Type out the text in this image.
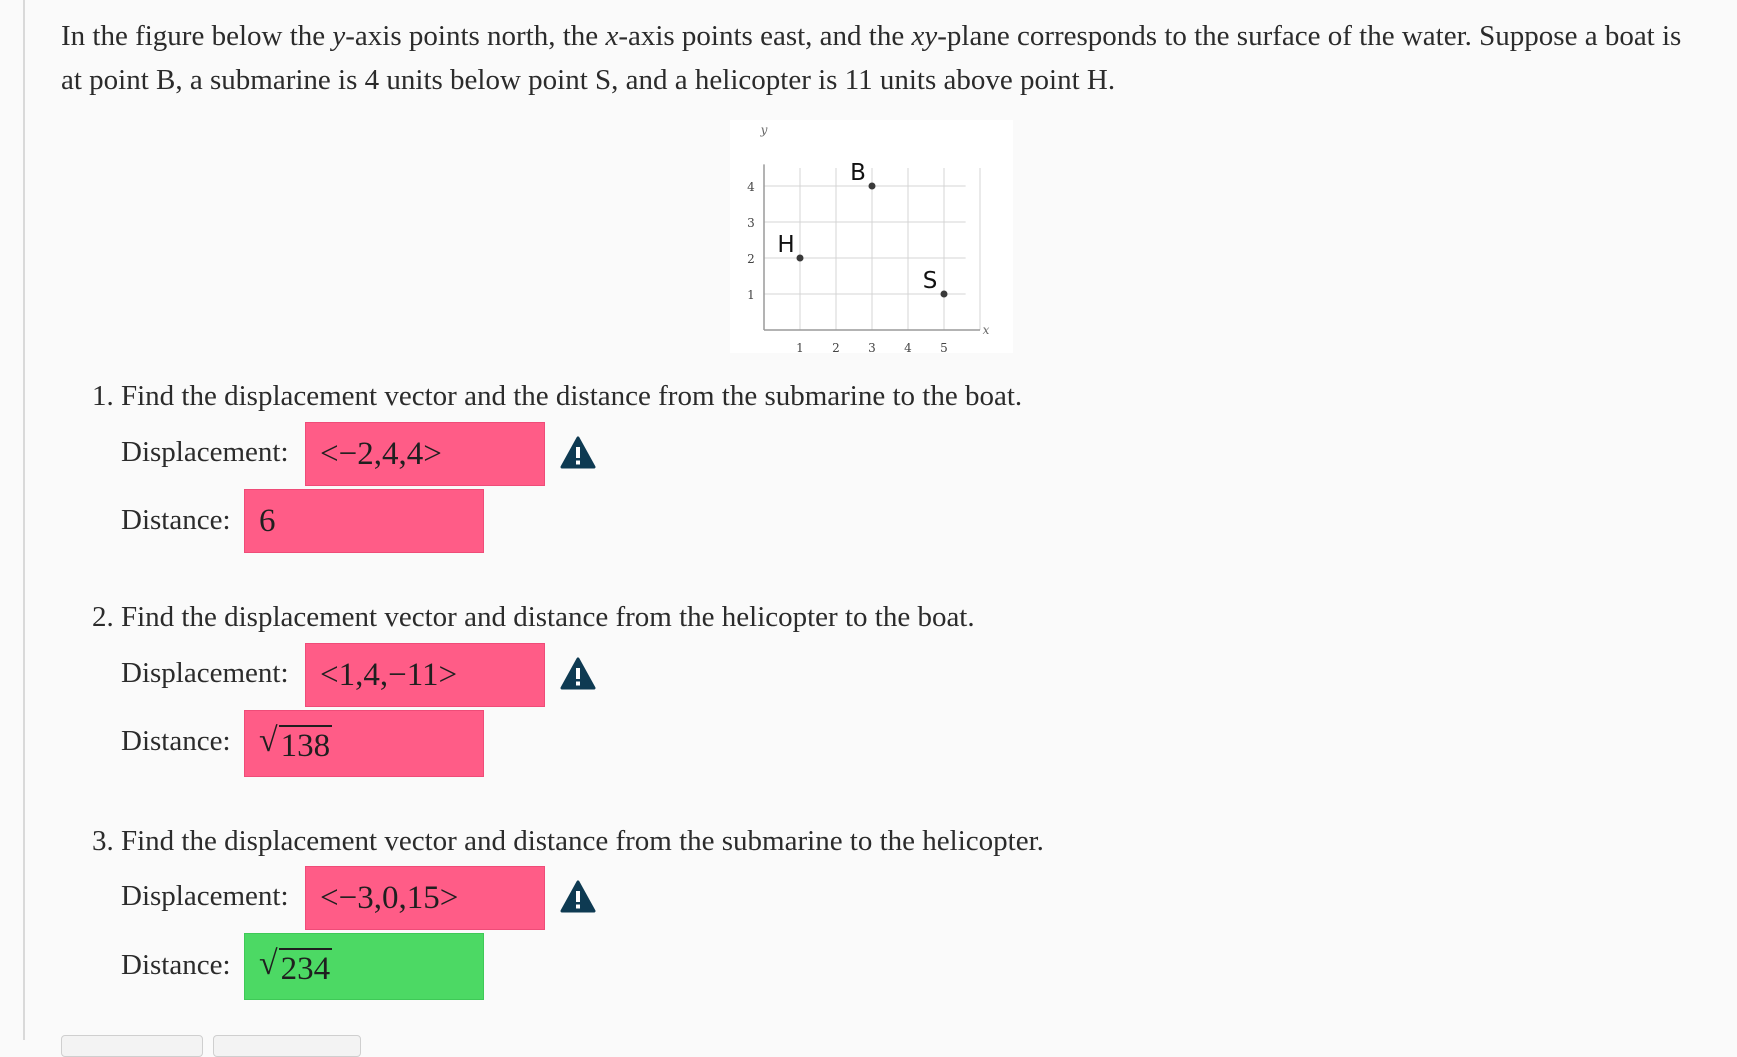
In the figure below the y-axis points north, the x-axis points east, and the xy-plane corresponds to the surface of the water. Suppose a boat is at point B, a submarine is 4 units below point S, and a helicopter is 11 units above point H.

1 2 3 4 5
1
2
3
4
y
x
B
H
S

1. Find the displacement vector and the distance from the submarine to the boat.

Displacement: <−2,4,4>
Distance: 6

2. Find the displacement vector and distance from the helicopter to the boat.

Displacement: <1,4,−11>
Distance: √ 138

3. Find the displacement vector and distance from the submarine to the helicopter.

Displacement: <−3,0,15>
Distance: √ 234
